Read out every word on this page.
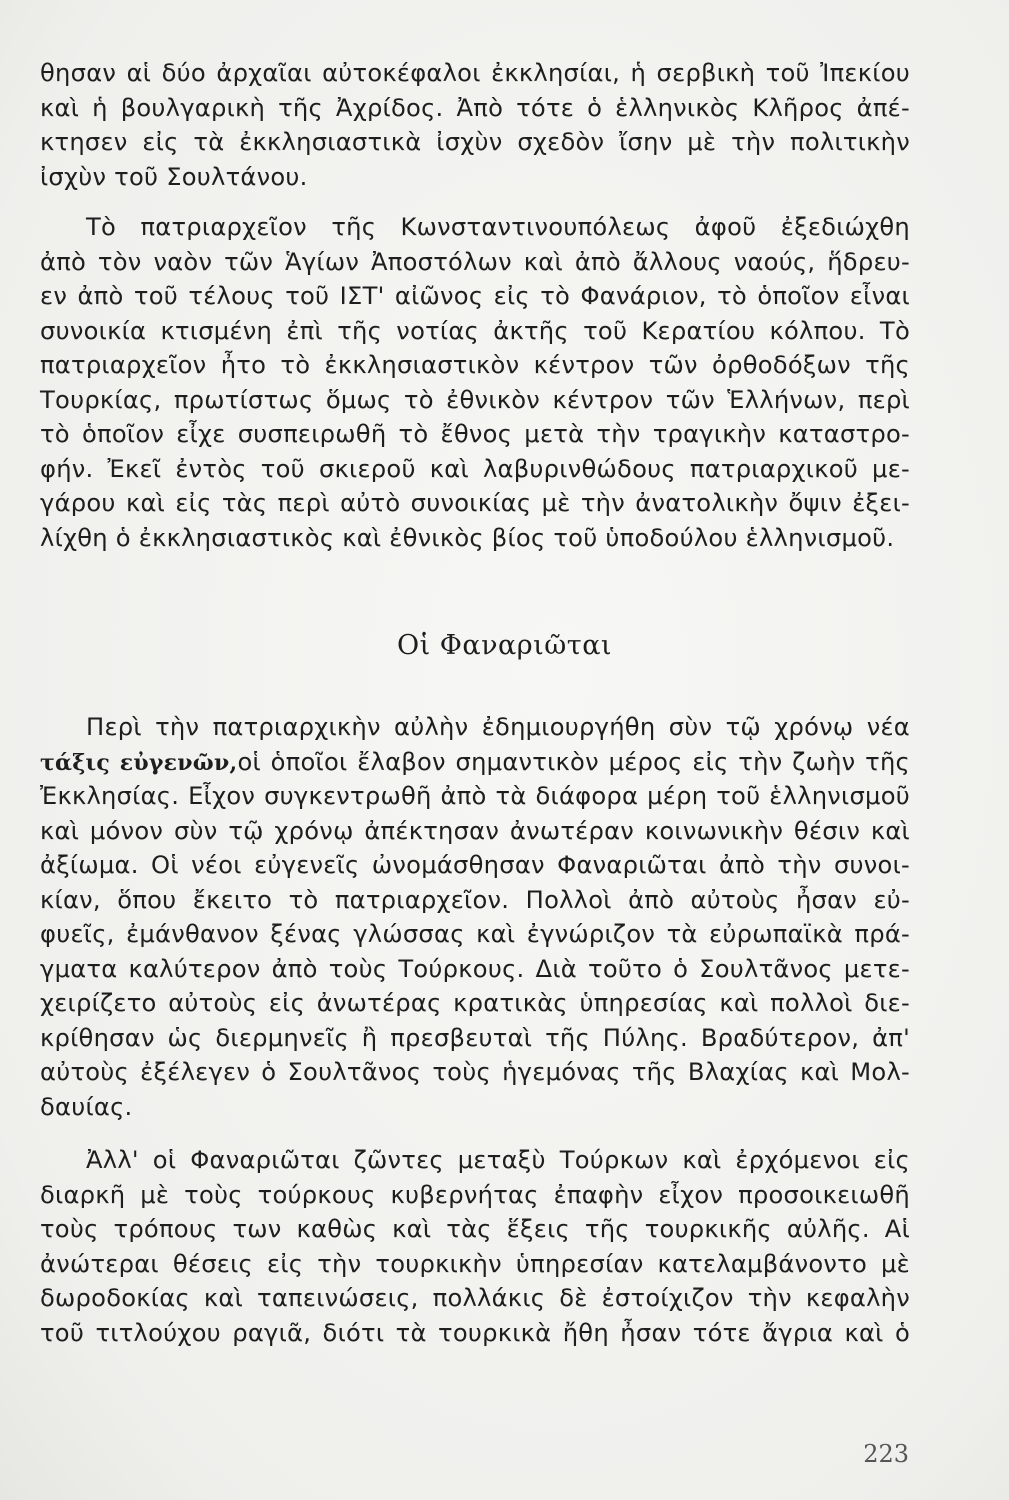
θησαν αἱ δύο ἀρχαῖαι αὐτοκέφαλοι ἐκκλησίαι, ἡ σερβικὴ τοῦ Ἰπεκίου
καὶ ἡ βουλγαρικὴ τῆς Ἀχρίδος. Ἀπὸ τότε ὁ ἑλληνικὸς Κλῆρος ἀπέ-
κτησεν εἰς τὰ ἐκκλησιαστικὰ ἰσχὺν σχεδὸν ἴσην μὲ τὴν πολιτικὴν
ἰσχὺν τοῦ Σουλτάνου.
Τὸ πατριαρχεῖον τῆς Κωνσταντινουπόλεως ἀφοῦ ἐξεδιώχθη
ἀπὸ τὸν ναὸν τῶν Ἁγίων Ἀποστόλων καὶ ἀπὸ ἄλλους ναούς, ἥδρευ-
εν ἀπὸ τοῦ τέλους τοῦ ΙΣΤ' αἰῶνος εἰς τὸ Φανάριον, τὸ ὁποῖον εἶναι
συνοικία κτισμένη ἐπὶ τῆς νοτίας ἀκτῆς τοῦ Κερατίου κόλπου. Τὸ
πατριαρχεῖον ἦτο τὸ ἐκκλησιαστικὸν κέντρον τῶν ὀρθοδόξων τῆς
Τουρκίας, πρωτίστως ὅμως τὸ ἐθνικὸν κέντρον τῶν Ἑλλήνων, περὶ
τὸ ὁποῖον εἶχε συσπειρωθῆ τὸ ἔθνος μετὰ τὴν τραγικὴν καταστρο-
φήν. Ἐκεῖ ἐντὸς τοῦ σκιεροῦ καὶ λαβυρινθώδους πατριαρχικοῦ με-
γάρου καὶ εἰς τὰς περὶ αὐτὸ συνοικίας μὲ τὴν ἀνατολικὴν ὄψιν ἐξει-
λίχθη ὁ ἐκκλησιαστικὸς καὶ ἐθνικὸς βίος τοῦ ὑποδούλου ἑλληνισμοῦ.
Οἱ Φαναριῶται
Περὶ τὴν πατριαρχικὴν αὐλὴν ἐδημιουργήθη σὺν τῷ χρόνῳ νέα
τάξις εὐγενῶν,οἱ ὁποῖοι ἔλαβον σημαντικὸν μέρος εἰς τὴν ζωὴν τῆς
Ἐκκλησίας. Εἶχον συγκεντρωθῆ ἀπὸ τὰ διάφορα μέρη τοῦ ἑλληνισμοῦ
καὶ μόνον σὺν τῷ χρόνῳ ἀπέκτησαν ἀνωτέραν κοινωνικὴν θέσιν καὶ
ἀξίωμα. Οἱ νέοι εὐγενεῖς ὠνομάσθησαν Φαναριῶται ἀπὸ τὴν συνοι-
κίαν, ὅπου ἔκειτο τὸ πατριαρχεῖον. Πολλοὶ ἀπὸ αὐτοὺς ἦσαν εὐ-
φυεῖς, ἐμάνθανον ξένας γλώσσας καὶ ἐγνώριζον τὰ εὐρωπαϊκὰ πρά-
γματα καλύτερον ἀπὸ τοὺς Τούρκους. Διὰ τοῦτο ὁ Σουλτᾶνος μετε-
χειρίζετο αὐτοὺς εἰς ἀνωτέρας κρατικὰς ὑπηρεσίας καὶ πολλοὶ διε-
κρίθησαν ὡς διερμηνεῖς ἢ πρεσβευταὶ τῆς Πύλης. Βραδύτερον, ἀπ'
αὐτοὺς ἐξέλεγεν ὁ Σουλτᾶνος τοὺς ἡγεμόνας τῆς Βλαχίας καὶ Μολ-
δαυίας.
Ἀλλ' οἱ Φαναριῶται ζῶντες μεταξὺ Τούρκων καὶ ἐρχόμενοι εἰς
διαρκῆ μὲ τοὺς τούρκους κυβερνήτας ἐπαφὴν εἶχον προσοικειωθῆ
τοὺς τρόπους των καθὼς καὶ τὰς ἕξεις τῆς τουρκικῆς αὐλῆς. Αἱ
ἀνώτεραι θέσεις εἰς τὴν τουρκικὴν ὑπηρεσίαν κατελαμβάνοντο μὲ
δωροδοκίας καὶ ταπεινώσεις, πολλάκις δὲ ἐστοίχιζον τὴν κεφαλὴν
τοῦ τιτλούχου ραγιᾶ, διότι τὰ τουρκικὰ ἤθη ἦσαν τότε ἄγρια καὶ ὁ
223
